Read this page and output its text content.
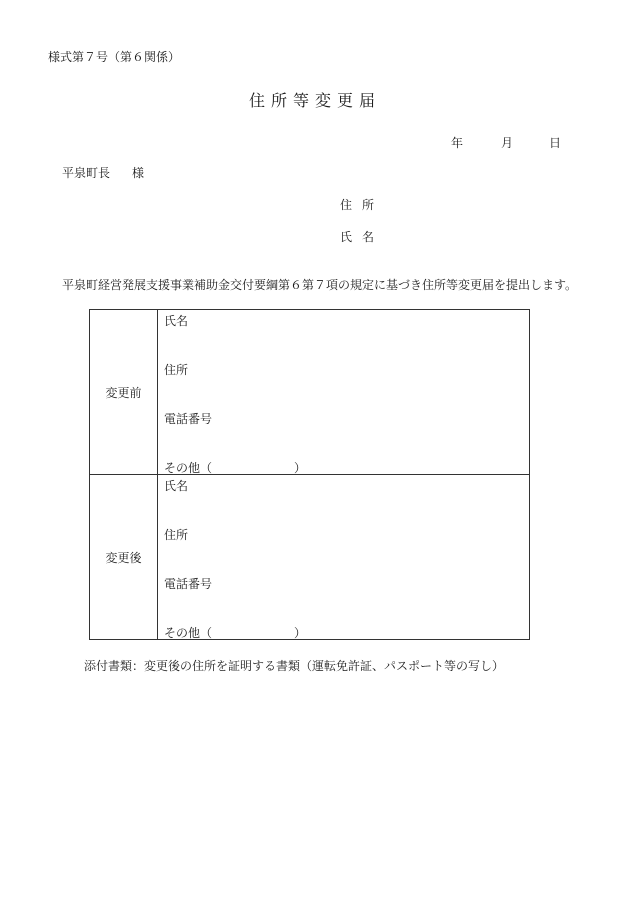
様式第７号（第６関係）
住所等変更届
年	月	日
平泉町長 様
住所
氏名
平泉町経営発展支援事業補助金交付要綱第６第７項の規定に基づき住所等変更届を提出します。
変更前	氏名
住所
電話番号
その他（ ）

変更後	氏名
住所
電話番号
その他（ ）
添付書類：変更後の住所を証明する書類（運転免許証、パスポート等の写し）
